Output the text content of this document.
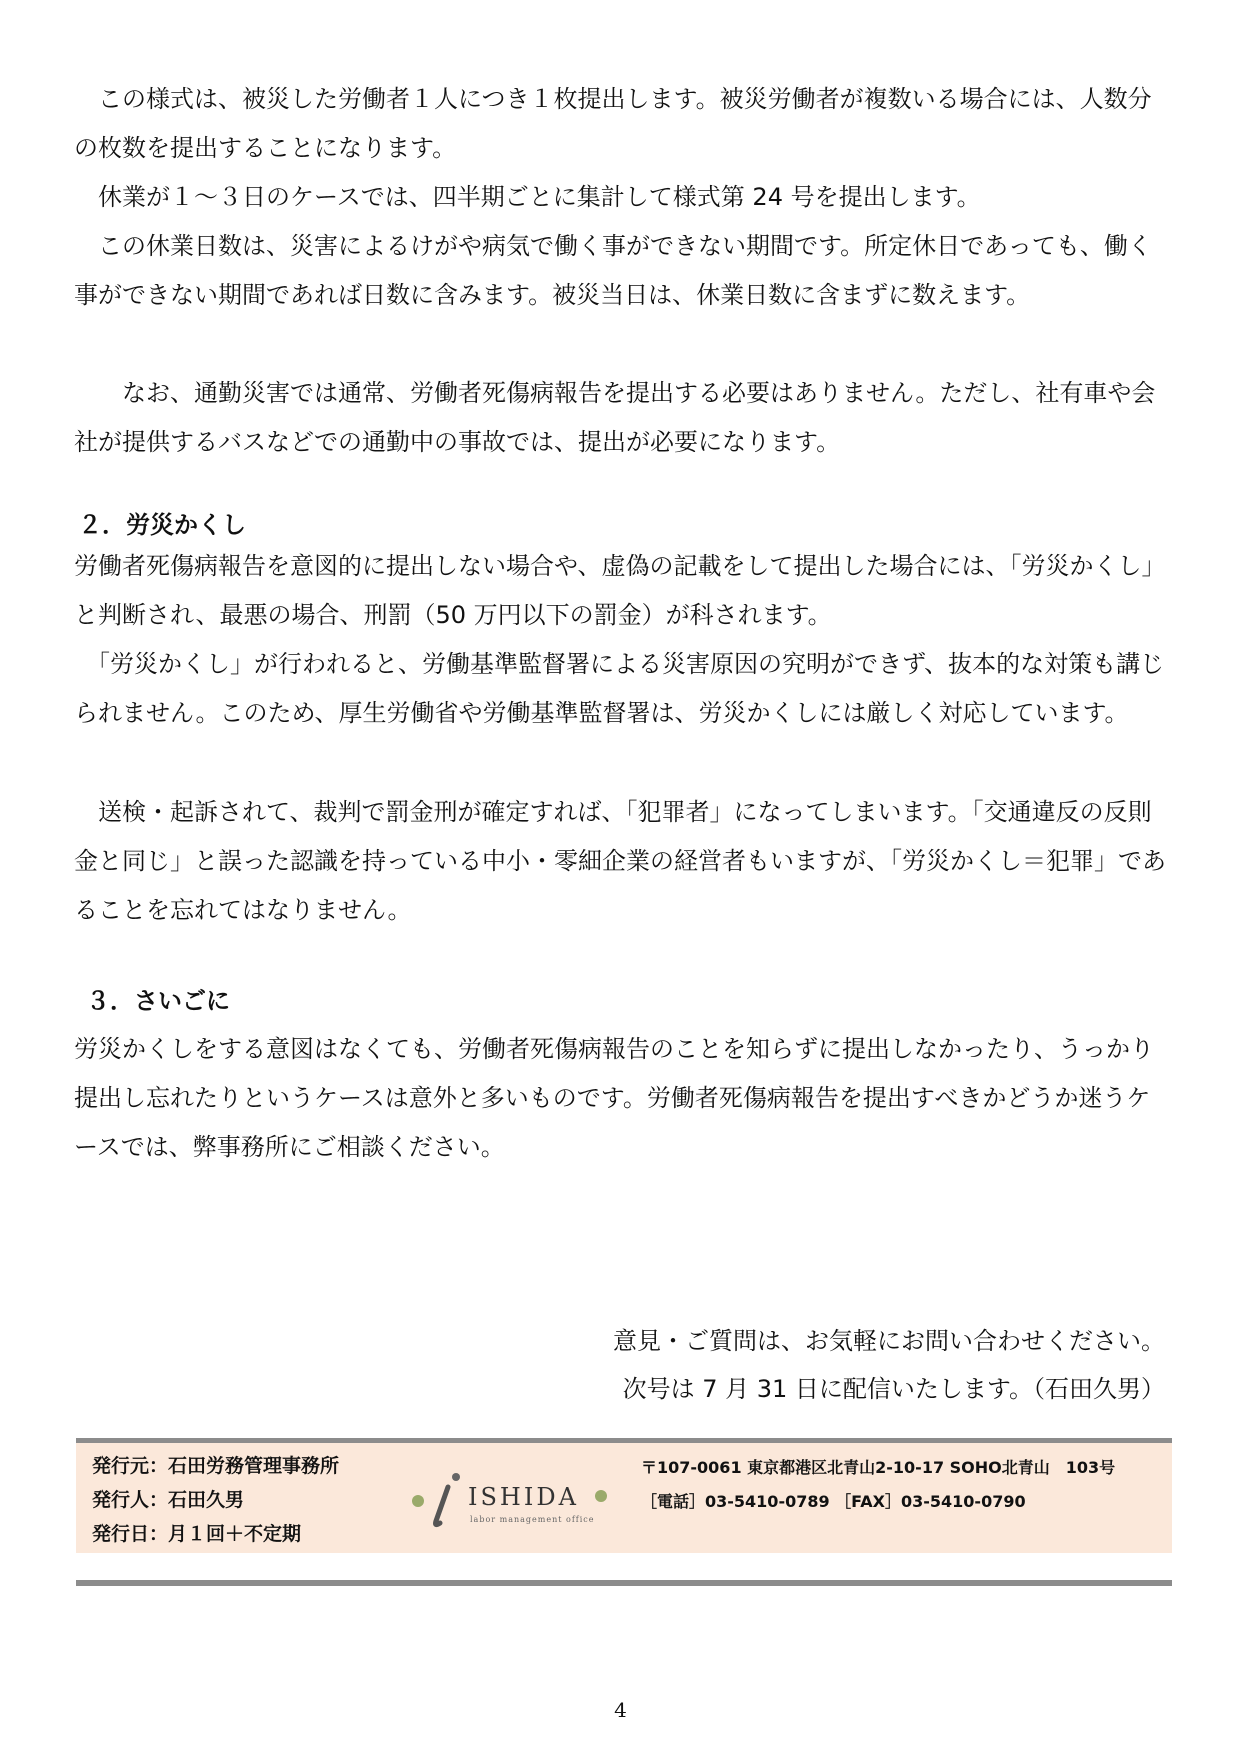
　この様式は、被災した労働者１人につき１枚提出します。被災労働者が複数いる場合には、人数分の枚数を提出することになります。

　休業が１～３日のケースでは、四半期ごとに集計して様式第 24 号を提出します。

　この休業日数は、災害によるけがや病気で働く事ができない期間です。所定休日であっても、働く事ができない期間であれば日数に含みます。被災当日は、休業日数に含まずに数えます。

　　なお、通勤災害では通常、労働者死傷病報告を提出する必要はありません。ただし、社有車や会社が提供するバスなどでの通勤中の事故では、提出が必要になります。

２．労災かくし

労働者死傷病報告を意図的に提出しない場合や、虚偽の記載をして提出した場合には、「労災かくし」と判断され、最悪の場合、刑罰（50 万円以下の罰金）が科されます。

　「労災かくし」が行われると、労働基準監督署による災害原因の究明ができず、抜本的な対策も講じられません。このため、厚生労働省や労働基準監督署は、労災かくしには厳しく対応しています。

　送検・起訴されて、裁判で罰金刑が確定すれば、「犯罪者」になってしまいます。「交通違反の反則金と同じ」と誤った認識を持っている中小・零細企業の経営者もいますが、「労災かくし＝犯罪」であることを忘れてはなりません。

３．さいごに

労災かくしをする意図はなくても、労働者死傷病報告のことを知らずに提出しなかったり、うっかり提出し忘れたりというケースは意外と多いものです。労働者死傷病報告を提出すべきかどうか迷うケースでは、弊事務所にご相談ください。

意見・ご質問は、お気軽にお問い合わせください。

次号は 7 月 31 日に配信いたします。（石田久男）

発行元：石田労務管理事務所
発行人：石田久男
発行日：月１回＋不定期
ISHIDA
labor management office
〒107-0061 東京都港区北青山2-10-17 SOHO北青山　103号
［電話］03-5410-0789 ［FAX］03-5410-0790
4
